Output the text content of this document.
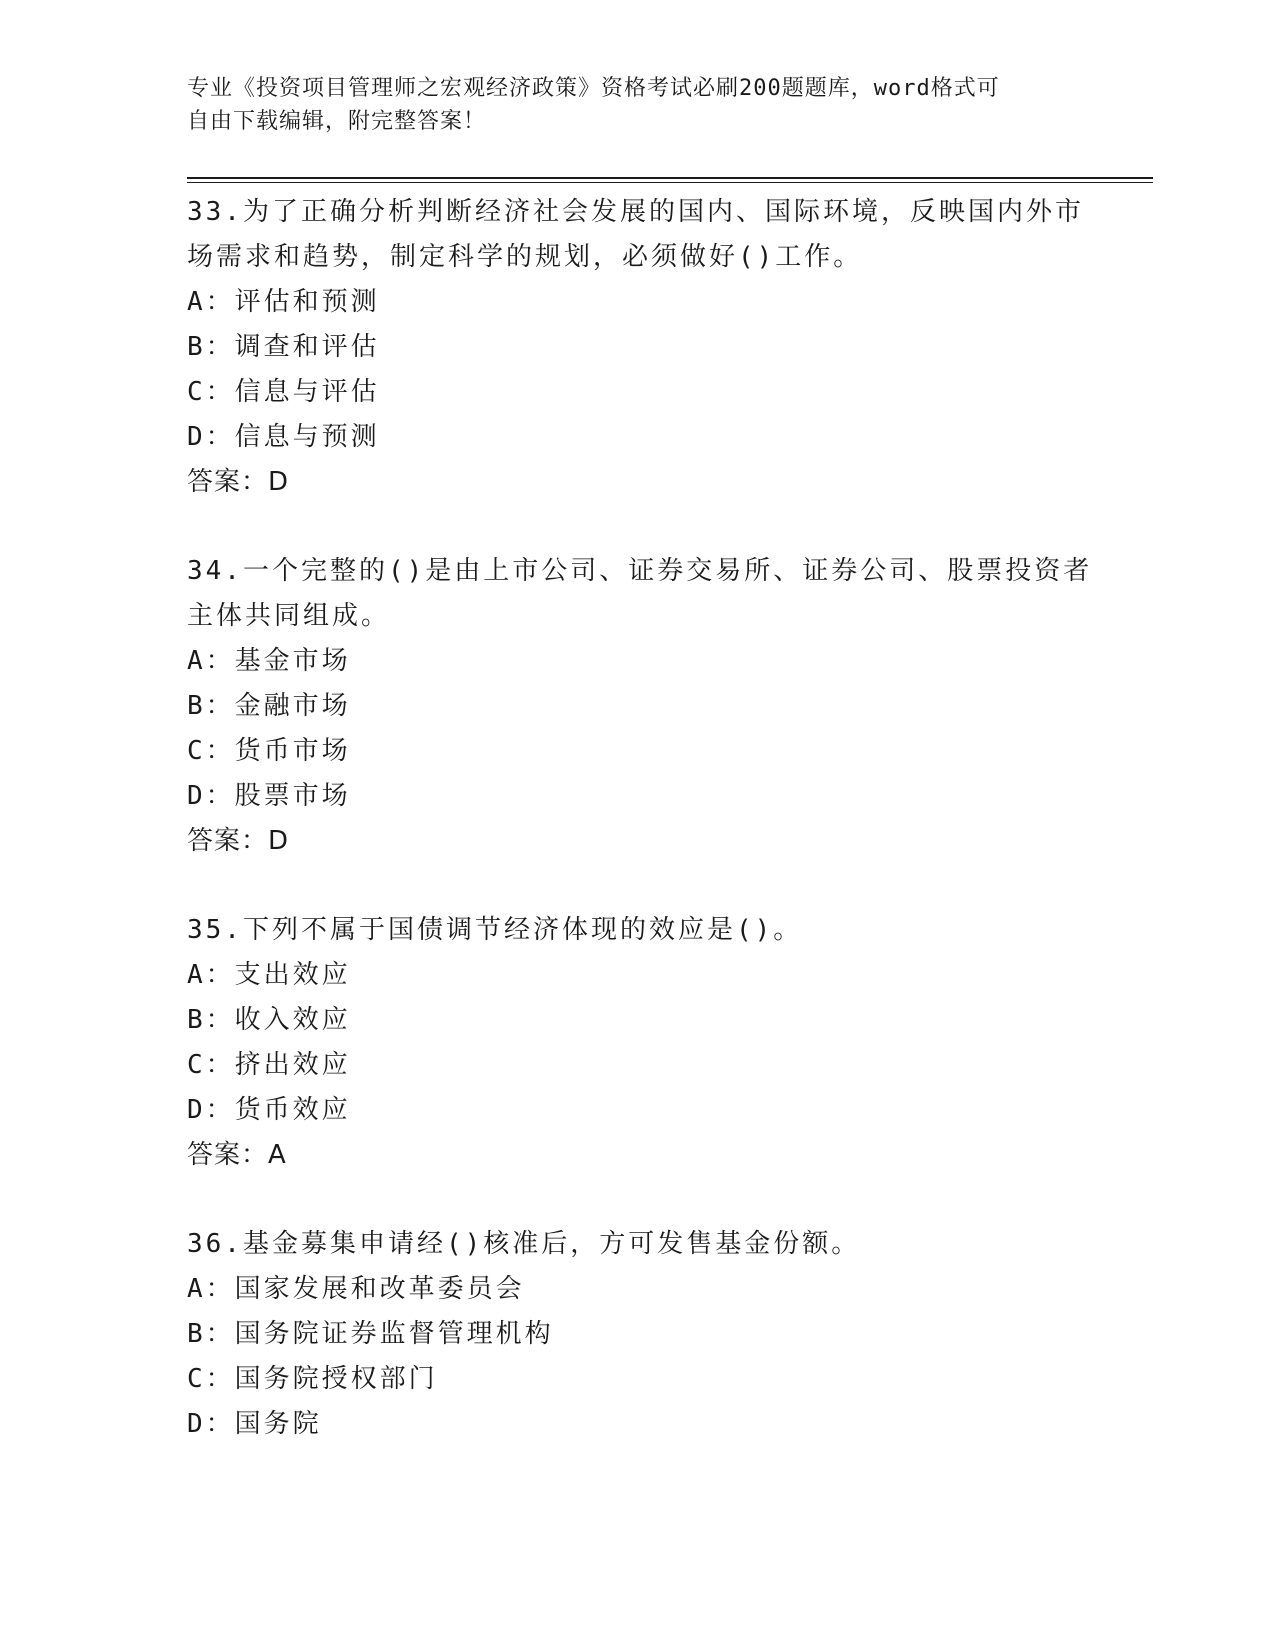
专业《投资项目管理师之宏观经济政策》资格考试必刷200题题库，word格式可
自由下载编辑，附完整答案！
33.为了正确分析判断经济社会发展的国内、国际环境，反映国内外市
场需求和趋势，制定科学的规划，必须做好()工作。
A：评估和预测
B：调查和评估
C：信息与评估
D：信息与预测
答案：D
34.一个完整的()是由上市公司、证券交易所、证券公司、股票投资者
主体共同组成。
A：基金市场
B：金融市场
C：货币市场
D：股票市场
答案：D
35.下列不属于国债调节经济体现的效应是()。
A：支出效应
B：收入效应
C：挤出效应
D：货币效应
答案：A
36.基金募集申请经()核准后，方可发售基金份额。
A：国家发展和改革委员会
B：国务院证券监督管理机构
C：国务院授权部门
D：国务院
